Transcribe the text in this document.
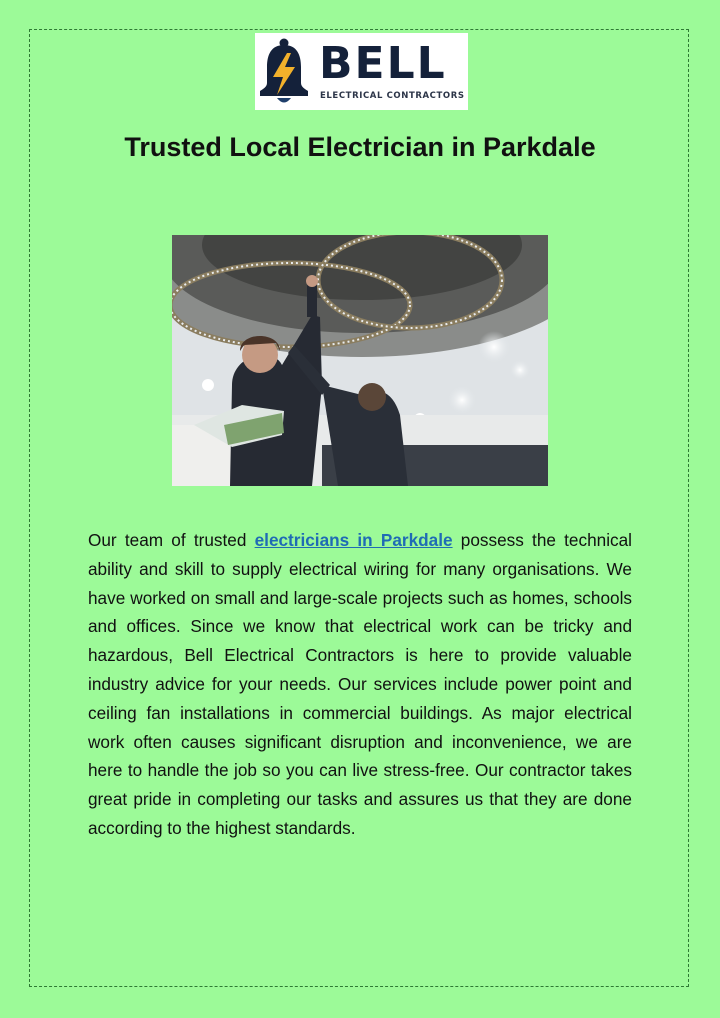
BELL
ELECTRICAL CONTRACTORS
Trusted Local Electrician in Parkdale

Our team of trusted electricians in Parkdale possess the technical ability and skill to supply electrical wiring for many organisations. We have worked on small and large-scale projects such as homes, schools and offices. Since we know that electrical work can be tricky and hazardous, Bell Electrical Contractors is here to provide valuable industry advice for your needs. Our services include power point and ceiling fan installations in commercial buildings. As major electrical work often causes significant disruption and inconvenience, we are here to handle the job so you can live stress-free. Our contractor takes great pride in completing our tasks and assures us that they are done according to the highest standards.
